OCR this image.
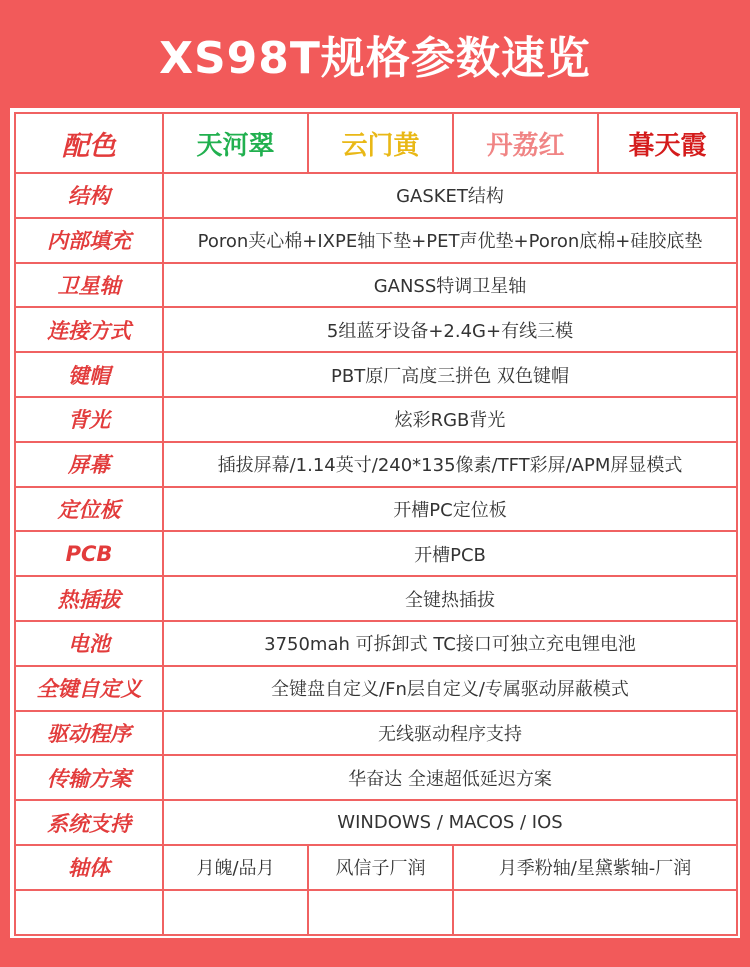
XS98T规格参数速览
配色	天河翠	云门黄	丹荔红	暮天霞
结构	GASKET结构			
内部填充	Poron夹心棉+IXPE轴下垫+PET声优垫+Poron底棉+硅胶底垫			
卫星轴	GANSS特调卫星轴			
连接方式	5组蓝牙设备+2.4G+有线三模			
键帽	PBT原厂高度三拼色 双色键帽			
背光	炫彩RGB背光			
屏幕	插拔屏幕/1.14英寸/240*135像素/TFT彩屏/APM屏显模式			
定位板	开槽PC定位板			
PCB	开槽PCB			
热插拔	全键热插拔			
电池	3750mah 可拆卸式 TC接口可独立充电锂电池			
全键自定义	全键盘自定义/Fn层自定义/专属驱动屏蔽模式			
驱动程序	无线驱动程序支持			
传输方案	华奋达 全速超低延迟方案			
系统支持	WINDOWS / MACOS / IOS			
轴体	月魄/品月	风信子厂润	月季粉轴/星黛紫轴-厂润	
